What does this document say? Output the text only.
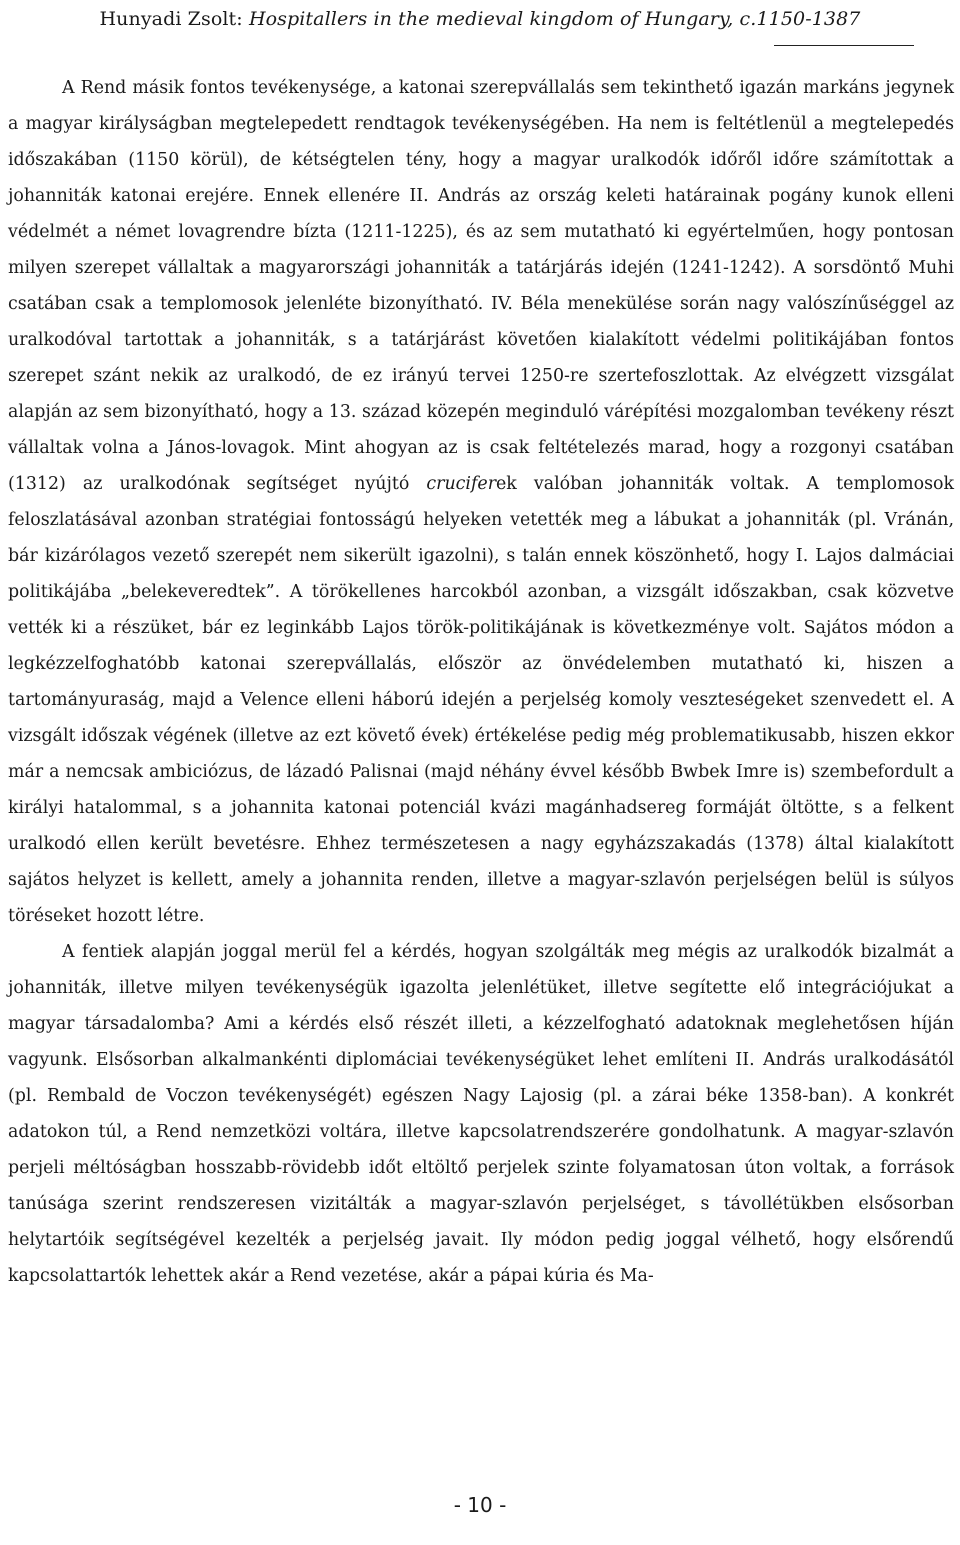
Hunyadi Zsolt: Hospitallers in the medieval kingdom of Hungary, c.1150-1387

A Rend másik fontos tevékenysége, a katonai szerepvállalás sem tekinthető igazán markáns jegynek a magyar királyságban megtelepedett rendtagok tevékenységében. Ha nem is feltétlenül a megtelepedés időszakában (1150 körül), de kétségtelen tény, hogy a magyar uralkodók időről időre számítottak a johanniták katonai erejére. Ennek ellenére II. András az ország keleti határainak pogány kunok elleni védelmét a német lovagrendre bízta (1211-1225), és az sem mutatható ki egyértelműen, hogy pontosan milyen szerepet vállaltak a magyarországi johanniták a tatárjárás idején (1241-1242). A sorsdöntő Muhi csatában csak a templomosok jelenléte bizonyítható. IV. Béla menekülése során nagy valószínűséggel az uralkodóval tartottak a johanniták, s a tatárjárást követően kialakított védelmi politikájában fontos szerepet szánt nekik az uralkodó, de ez irányú tervei 1250-re szertefoszlottak. Az elvégzett vizsgálat alapján az sem bizonyítható, hogy a 13. század közepén meginduló várépítési mozgalomban tevékeny részt vállaltak volna a János-lovagok. Mint ahogyan az is csak feltételezés marad, hogy a rozgonyi csatában (1312) az uralkodónak segítséget nyújtó cruciferek valóban johanniták voltak. A templomosok feloszlatásával azonban stratégiai fontosságú helyeken vetették meg a lábukat a johanniták (pl. Vránán, bár kizárólagos vezető szerepét nem sikerült igazolni), s talán ennek köszönhető, hogy I. Lajos dalmáciai politikájába „belekeveredtek”. A törökellenes harcokból azonban, a vizsgált időszakban, csak közvetve vették ki a részüket, bár ez leginkább Lajos török-politikájának is következménye volt. Sajátos módon a legkézzelfoghatóbb katonai szerepvállalás, először az önvédelemben mutatható ki, hiszen a tartományuraság, majd a Velence elleni háború idején a perjelség komoly veszteségeket szenvedett el. A vizsgált időszak végének (illetve az ezt követő évek) értékelése pedig még problematikusabb, hiszen ekkor már a nemcsak ambiciózus, de lázadó Palisnai (majd néhány évvel később Bwbek Imre is) szembefordult a királyi hatalommal, s a johannita katonai potenciál kvázi magánhadsereg formáját öltötte, s a felkent uralkodó ellen került bevetésre. Ehhez természetesen a nagy egyházszakadás (1378) által kialakított sajátos helyzet is kellett, amely a johannita renden, illetve a magyar-szlavón perjelségen belül is súlyos töréseket hozott létre.

A fentiek alapján joggal merül fel a kérdés, hogyan szolgálták meg mégis az uralkodók bizalmát a johanniták, illetve milyen tevékenységük igazolta jelenlétüket, illetve segítette elő integrációjukat a magyar társadalomba? Ami a kérdés első részét illeti, a kézzelfogható adatoknak meglehetősen híján vagyunk. Elsősorban alkalmankénti diplomáciai tevékenységüket lehet említeni II. András uralkodásától (pl. Rembald de Voczon tevékenységét) egészen Nagy Lajosig (pl. a zárai béke 1358-ban). A konkrét adatokon túl, a Rend nemzetközi voltára, illetve kapcsolatrendszerére gondolhatunk. A magyar-szlavón perjeli méltóságban hosszabb-rövidebb időt eltöltő perjelek szinte folyamatosan úton voltak, a források tanúsága szerint rendszeresen vizitálták a magyar-szlavón perjelséget, s távollétükben elsősorban helytartóik segítségével kezelték a perjelség javait. Ily módon pedig joggal vélhető, hogy elsőrendű kapcsolattartók lehettek akár a Rend vezetése, akár a pápai kúria és Ma-

- 10 -
